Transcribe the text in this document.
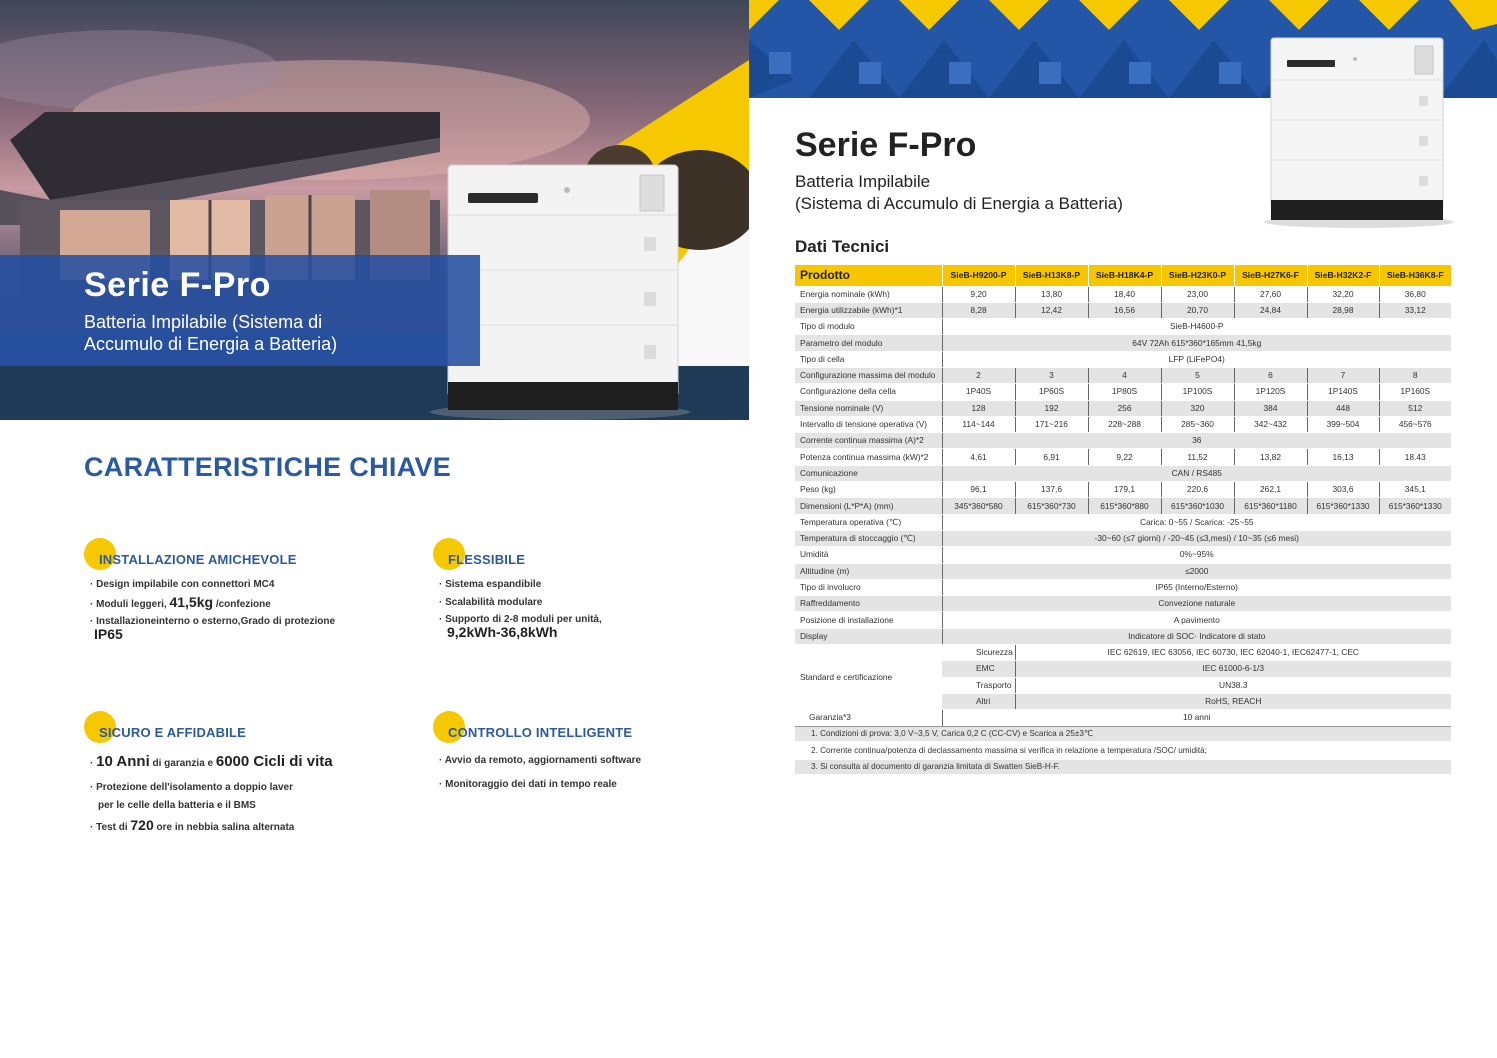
Serie F-Pro
Batteria Impilabile (Sistema di Accumulo di Energia a Batteria)
CARATTERISTICHE CHIAVE
INSTALLAZIONE AMICHEVOLE
· Design impilabile con connettori MC4
· Moduli leggeri, 41,5kg /confezione
· Installazioneinterno o esterno,Grado di protezione
IP65
FLESSIBILE
· Sistema espandibile
· Scalabilità modulare
· Supporto di 2-8 moduli per unità,
9,2kWh-36,8kWh
SICURO E AFFIDABILE
· 10 Anni di garanzia e 6000 Cicli di vita
· Protezione dell'isolamento a doppio laver
per le celle della batteria e il BMS
· Test di 720 ore in nebbia salina alternata
CONTROLLO INTELLIGENTE
· Avvio da remoto, aggiornamenti software
· Monitoraggio dei dati in tempo reale
Serie F-Pro
Batteria Impilabile
(Sistema di Accumulo di Energia a Batteria)
Dati Tecnici
Prodotto	SieB-H9200-P	SieB-H13K8-P	SieB-H18K4-P	SieB-H23K0-P	SieB-H27K6-F	SieB-H32K2-F	SieB-H36K8-F
Energia nominale (kWh)	9,20	13,80	18,40	23,00	27,60	32,20	36,80
Energia utilizzabile (kWh)*1	8,28	12,42	16,56	20,70	24,84	28,98	33,12
Tipo di modulo	SieB-H4600-P						
Parametro del modulo	64V 72Ah 615*360*165mm 41,5kg						
Tipo di cella	LFP (LiFePO4)						
Configurazione massima del modulo	2	3	4	5	6	7	8
Configurazione della cella	1P40S	1P60S	1P80S	1P100S	1P120S	1P140S	1P160S
Tensione nominale (V)	128	192	256	320	384	448	512
Intervallo di tensione operativa (V)	114~144	171~216	228~288	285~360	342~432	399~504	456~576
Corrente continua massima (A)*2	36						
Potenza continua massima (kW)*2	4,61	6,91	9,22	11,52	13,82	16,13	18.43
Comunicazione	CAN / RS485						
Peso (kg)	96,1	137,6	179,1	220,6	262,1	303,6	345,1
Dimensioni (L*P*A) (mm)	345*360*580	615*360*730	615*360*880	615*360*1030	615*360*1180	615*360*1330	615*360*1330
Temperatura operativa (℃)	Carica: 0~55 / Scarica: -25~55						
Temperatura di stoccaggio (℃)	-30~60 (≤7 giorni) / -20~45 (≤3,mesi) / 10~35 (≤6 mesi)						
Umidità	0%~95%						
Altitudine (m)	≤2000						
Tipo di involucro	IP65 (Interno/Esterno)						
Raffreddamento	Convezione naturale						
Posizione di installazione	A pavimento						
Display	Indicatore di SOC· Indicatore di stato						
Standard e certificazione	Sicurezza	IEC 62619, IEC 63056, IEC 60730, IEC 62040-1, IEC62477-1, CEC					
	EMC	IEC 61000-6-1/3					
	Trasporto	UN38.3					
	Altri	RoHS, REACH					
Garanzia*3	10 anni						
1. Condizioni di prova: 3,0 V~3,5 V, Carica 0,2 C (CC-CV) e Scarica a 25±3℃							
2. Corrente continua/potenza di declassamento massima si verifica in relazione a temperatura /SOC/ umidità;							
3. Si consulta al documento di garanzia limitata di Swatten SieB-H-F.							
